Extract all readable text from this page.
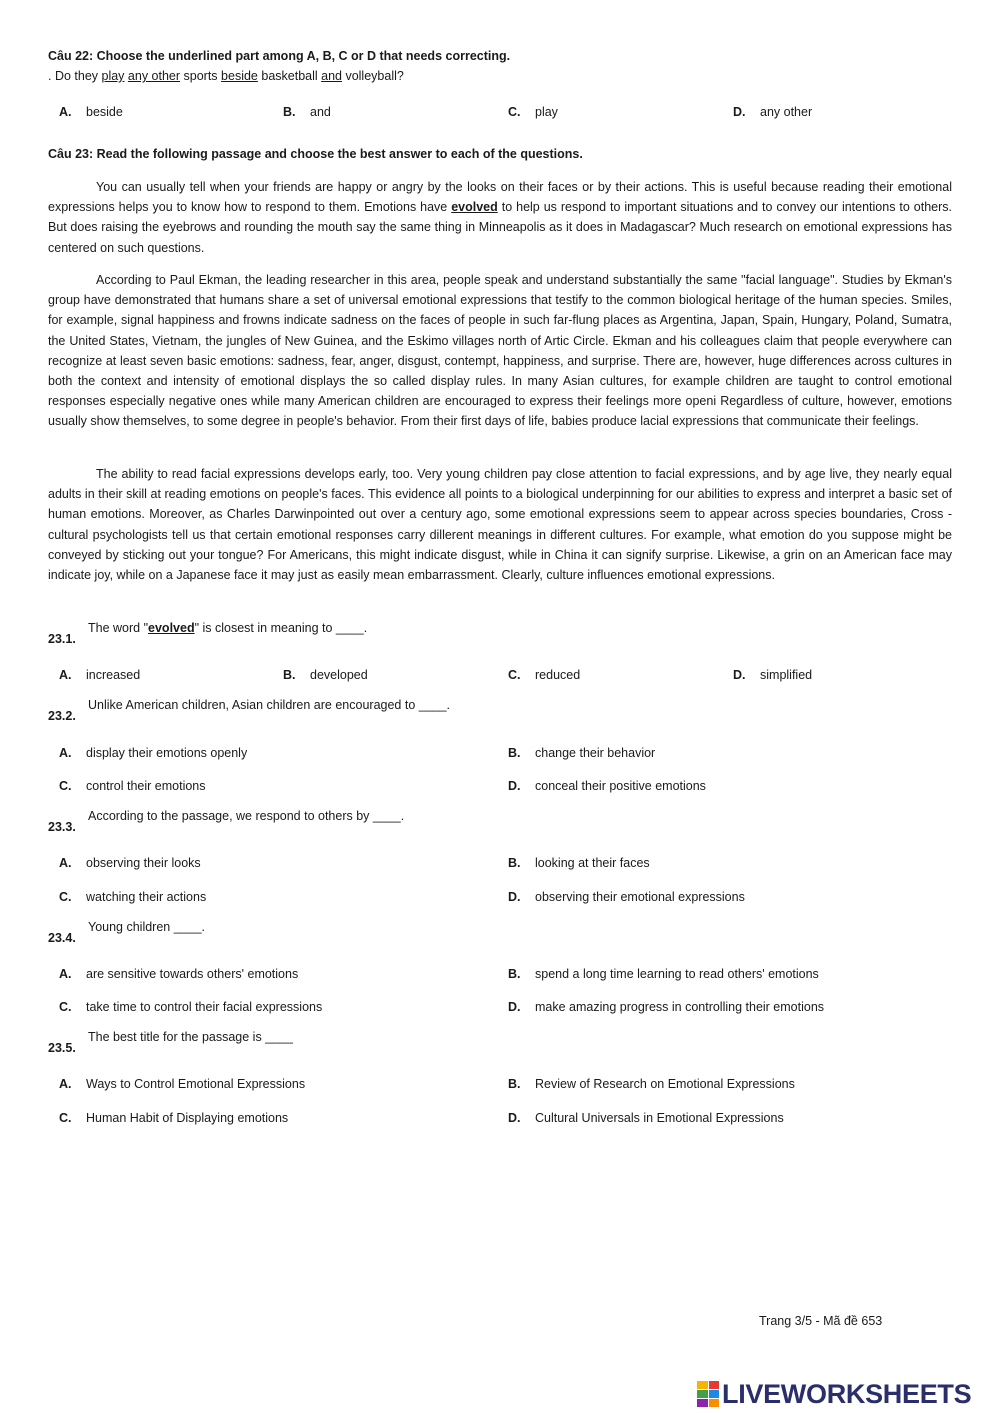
Câu 22: Choose the underlined part among A, B, C or D that needs correcting.
. Do they play any other sports beside basketball and volleyball?
A. beside	B. and	C. play	D. any other
Câu 23: Read the following passage and choose the best answer to each of the questions.

You can usually tell when your friends are happy or angry by the looks on their faces or by their actions. This is useful because reading their emotional expressions helps you to know how to respond to them. Emotions have evolved to help us respond to important situations and to convey our intentions to others. But does raising the eyebrows and rounding the mouth say the same thing in Minneapolis as it does in Madagascar? Much research on emotional expressions has centered on such questions.

According to Paul Ekman, the leading researcher in this area, people speak and understand substantially the same "facial language". Studies by Ekman's group have demonstrated that humans share a set of universal emotional expressions that testify to the common biological heritage of the human species. Smiles, for example, signal happiness and frowns indicate sadness on the faces of people in such far-flung places as Argentina, Japan, Spain, Hungary, Poland, Sumatra, the United States, Vietnam, the jungles of New Guinea, and the Eskimo villages north of Artic Circle. Ekman and his colleagues claim that people everywhere can recognize at least seven basic emotions: sadness, fear, anger, disgust, contempt, happiness, and surprise. There are, however, huge differences across cultures in both the context and intensity of emotional displays the so called display rules. In many Asian cultures, for example children are taught to control emotional responses especially negative ones while many American children are encouraged to express their feelings more openi Regardless of culture, however, emotions usually show themselves, to some degree in people's behavior. From their first days of life, babies produce lacial expressions that communicate their feelings.

The ability to read facial expressions develops early, too. Very young children pay close attention to facial expressions, and by age live, they nearly equal adults in their skill at reading emotions on people's faces. This evidence all points to a biological underpinning for our abilities to express and interpret a basic set of human emotions. Moreover, as Charles Darwinpointed out over a century ago, some emotional expressions seem to appear across species boundaries, Cross - cultural psychologists tell us that certain emotional responses carry dillerent meanings in different cultures. For example, what emotion do you suppose might be conveyed by sticking out your tongue? For Americans, this might indicate disgust, while in China it can signify surprise. Likewise, a grin on an American face may indicate joy, while on a Japanese face it may just as easily mean embarrassment. Clearly, culture influences emotional expressions.

The word "evolved" is closest in meaning to ____.
23.1.
A. increased	B. developed	C. reduced	D. simplified
Unlike American children, Asian children are encouraged to ____.
23.2.
A. display their emotions openly	B. change their behavior
C. control their emotions	D. conceal their positive emotions
According to the passage, we respond to others by ____.
23.3.
A. observing their looks	B. looking at their faces
C. watching their actions	D. observing their emotional expressions
Young children ____.
23.4.
A. are sensitive towards others' emotions	B. spend a long time learning to read others' emotions
C. take time to control their facial expressions	D. make amazing progress in controlling their emotions
The best title for the passage is ____
23.5.
A. Ways to Control Emotional Expressions	B. Review of Research on Emotional Expressions
C. Human Habit of Displaying emotions	D. Cultural Universals in Emotional Expressions
Trang 3/5 - Mã đề 653
LIVEWORKSHEETS
